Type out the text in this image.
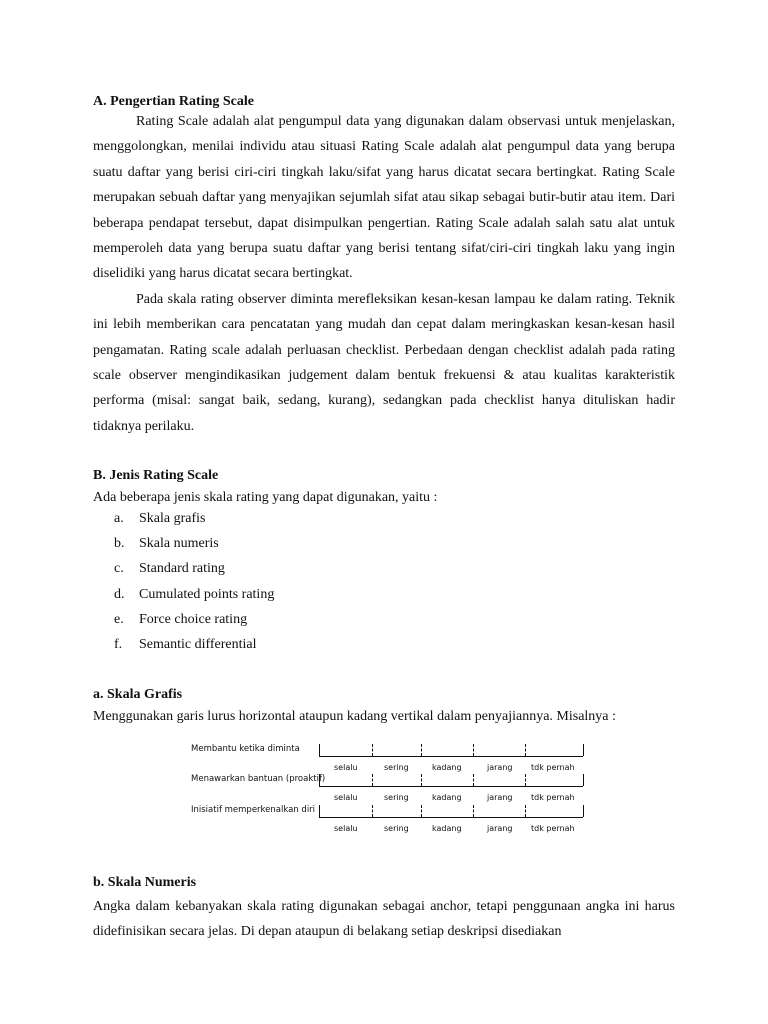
A. Pengertian Rating Scale

Rating Scale adalah alat pengumpul data yang digunakan dalam observasi untuk menjelaskan, menggolongkan, menilai individu atau situasi Rating Scale adalah alat pengumpul data yang berupa suatu daftar yang berisi ciri-ciri tingkah laku/sifat yang harus dicatat secara bertingkat. Rating Scale merupakan sebuah daftar yang menyajikan sejumlah sifat atau sikap sebagai butir-butir atau item. Dari beberapa pendapat tersebut, dapat disimpulkan pengertian. Rating Scale adalah salah satu alat untuk memperoleh data yang berupa suatu daftar yang berisi tentang sifat/ciri-ciri tingkah laku yang ingin diselidiki yang harus dicatat secara bertingkat.

Pada skala rating observer diminta merefleksikan kesan-kesan lampau ke dalam rating. Teknik ini lebih memberikan cara pencatatan yang mudah dan cepat dalam meringkaskan kesan-kesan hasil pengamatan. Rating scale adalah perluasan checklist. Perbedaan dengan checklist adalah pada rating scale observer mengindikasikan judgement dalam bentuk frekuensi & atau kualitas karakteristik performa (misal: sangat baik, sedang, kurang), sedangkan pada checklist hanya dituliskan hadir tidaknya perilaku.

B. Jenis Rating Scale

Ada beberapa jenis skala rating yang dapat digunakan, yaitu :

a.	Skala grafis
b.	Skala numeris
c.	Standard rating
d.	Cumulated points rating
e.	Force choice rating
f.	Semantic differential
a. Skala Grafis

Menggunakan garis lurus horizontal ataupun kadang vertikal dalam penyajiannya. Misalnya :

Membantu ketika diminta
selalu	sering	kadang	jarang tdk pernah
Menawarkan bantuan (proaktif)
selalu	sering	kadang	jarang tdk pernah
Inisiatif memperkenalkan diri
selalu	sering	kadang	jarang tdk pernah
b. Skala Numeris

Angka dalam kebanyakan skala rating digunakan sebagai anchor, tetapi penggunaan angka ini harus didefinisikan secara jelas. Di depan ataupun di belakang setiap deskripsi disediakan
